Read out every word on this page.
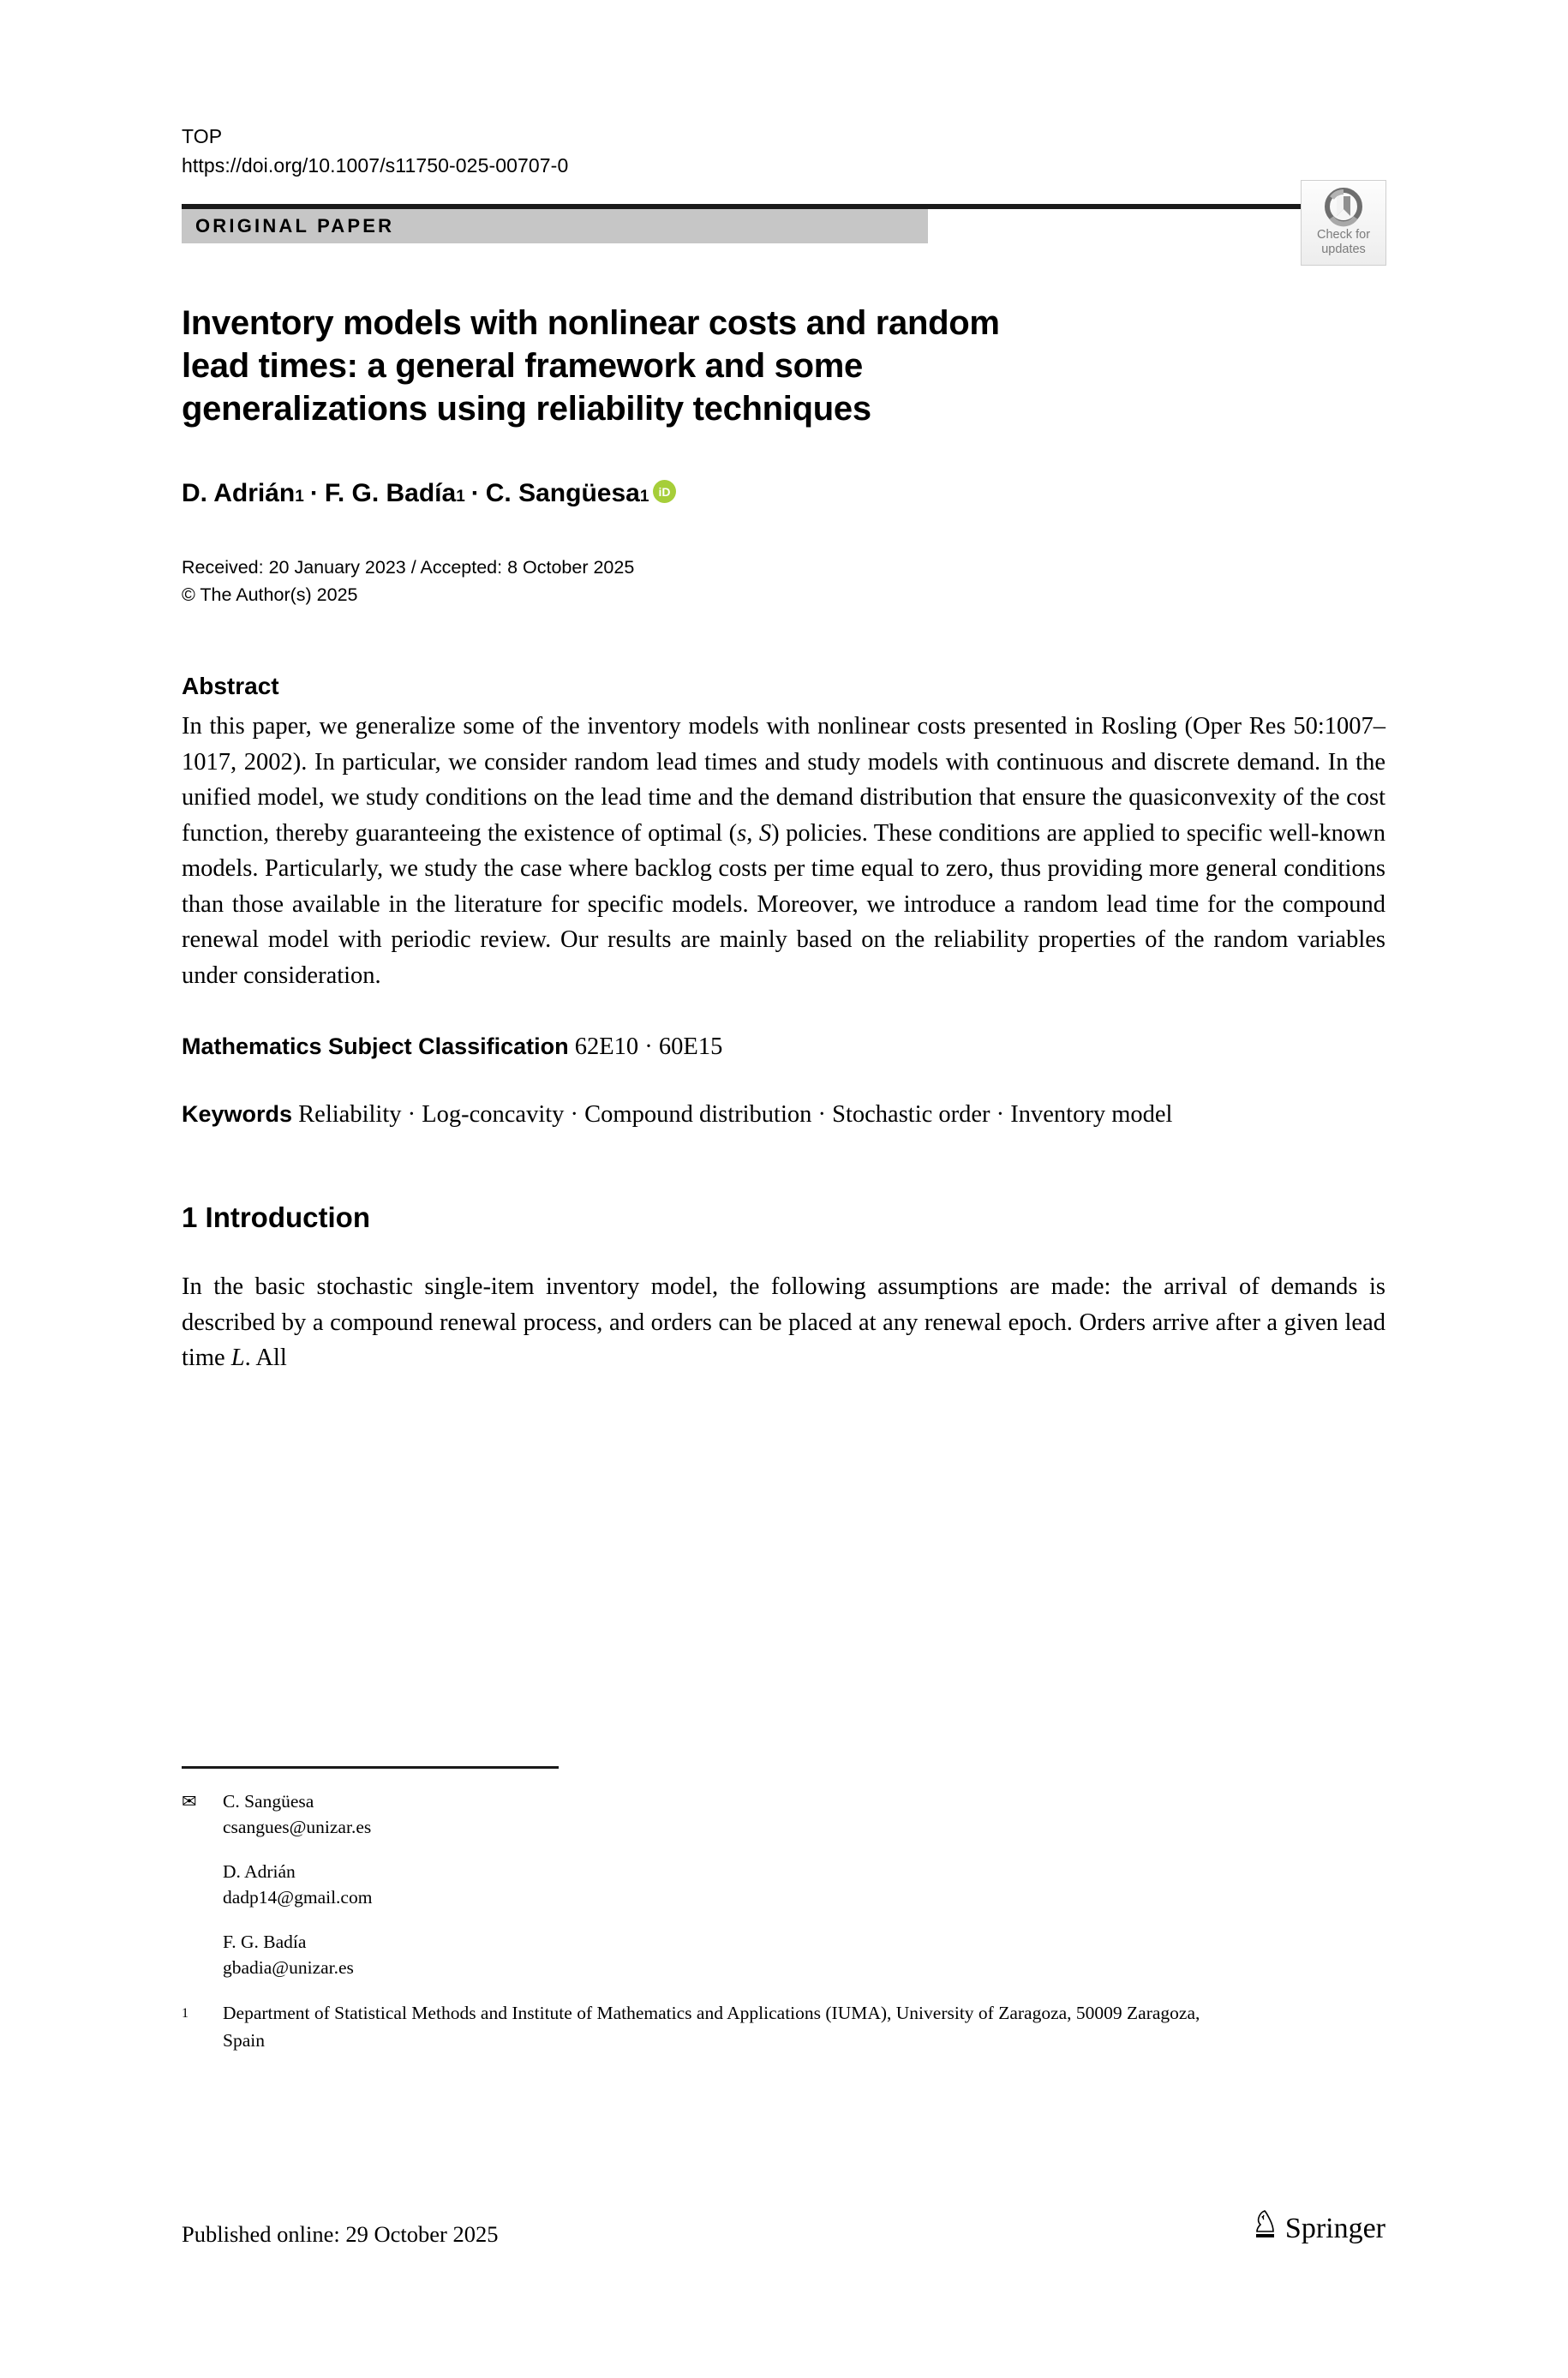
TOP
https://doi.org/10.1007/s11750-025-00707-0
ORIGINAL PAPER	Check for
updates
Inventory models with nonlinear costs and random lead times: a general framework and some generalizations using reliability techniques
D. Adrián 1 · F. G. Badía 1 · C. Sangüesa 1 iD
Received: 20 January 2023 / Accepted: 8 October 2025
© The Author(s) 2025
Abstract
In this paper, we generalize some of the inventory models with nonlinear costs presented in Rosling (Oper Res 50:1007–1017, 2002). In particular, we consider random lead times and study models with continuous and discrete demand. In the unified model, we study conditions on the lead time and the demand distribution that ensure the quasiconvexity of the cost function, thereby guaranteeing the existence of optimal (s, S) policies. These conditions are applied to specific well-known models. Particularly, we study the case where backlog costs per time equal to zero, thus providing more general conditions than those available in the literature for specific models. Moreover, we introduce a random lead time for the compound renewal model with periodic review. Our results are mainly based on the reliability properties of the random variables under consideration.
Mathematics Subject Classification 62E10 · 60E15
Keywords Reliability · Log-concavity · Compound distribution · Stochastic order · Inventory model
1 Introduction
In the basic stochastic single-item inventory model, the following assumptions are made: the arrival of demands is described by a compound renewal process, and orders can be placed at any renewal epoch. Orders arrive after a given lead time L. All
✉	C. Sangüesa
csangues@unizar.es
D. Adrián
dadp14@gmail.com
F. G. Badía
gbadia@unizar.es
1	Department of Statistical Methods and Institute of Mathematics and Applications (IUMA), University of Zaragoza, 50009 Zaragoza, Spain
Published online: 29 October 2025	Springer
